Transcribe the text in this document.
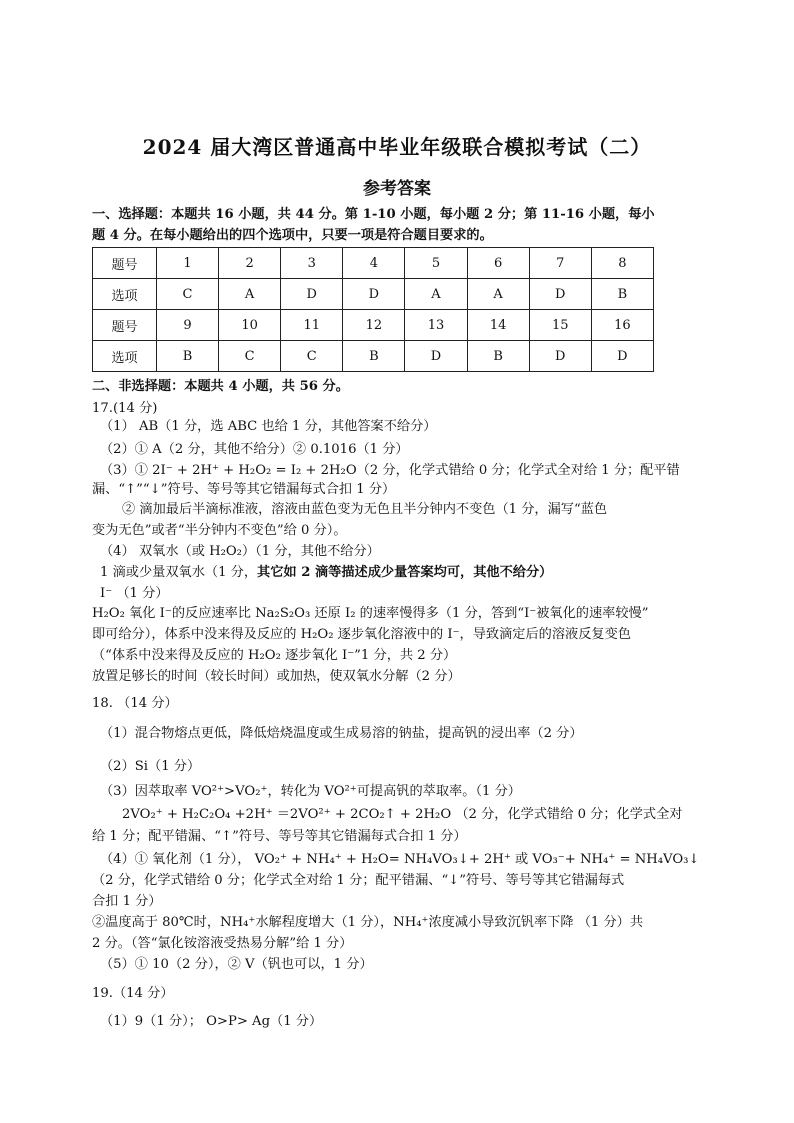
2024 届大湾区普通高中毕业年级联合模拟考试（二）
参考答案
一、选择题：本题共 16 小题，共 44 分。第 1-10 小题，每小题 2 分；第 11-16 小题，每小
题 4 分。在每小题给出的四个选项中，只要一项是符合题目要求的。
题号	1	2	3	4	5	6	7	8
选项	C	A	D	D	A	A	D	B
题号	9	10	11	12	13	14	15	16
选项	B	C	C	B	D	B	D	D
二、非选择题：本题共 4 小题，共 56 分。
17.(14 分)
（1） AB（1 分，选 ABC 也给 1 分，其他答案不给分）
（2）① A（2 分，其他不给分）② 0.1016（1 分）
（3）① 2I⁻ + 2H⁺ + H₂O₂ = I₂ + 2H₂O（2 分，化学式错给 0 分；化学式全对给 1 分；配平错
漏、“↑”“↓”符号、等号等其它错漏每式合扣 1 分）
② 滴加最后半滴标准液，溶液由蓝色变为无色且半分钟内不变色（1 分，漏写“蓝色
变为无色”或者“半分钟内不变色”给 0 分）。
（4） 双氧水（或 H₂O₂）（1 分，其他不给分）
1 滴或少量双氧水（1 分，其它如 2 滴等描述成少量答案均可，其他不给分）
I⁻ （1 分）
H₂O₂ 氧化 I⁻的反应速率比 Na₂S₂O₃ 还原 I₂ 的速率慢得多（1 分，答到“I⁻被氧化的速率较慢”
即可给分），体系中没来得及反应的 H₂O₂ 逐步氧化溶液中的 I⁻，导致滴定后的溶液反复变色
（“体系中没来得及反应的 H₂O₂ 逐步氧化 I⁻”1 分，共 2 分）
放置足够长的时间（较长时间）或加热，使双氧水分解（2 分）
18. （14 分）
（1）混合物熔点更低，降低焙烧温度或生成易溶的钠盐，提高钒的浸出率（2 分）
（2）Si（1 分）
（3）因萃取率 VO²⁺>VO₂⁺，转化为 VO²⁺可提高钒的萃取率。（1 分）
2VO₂⁺ + H₂C₂O₄ +2H⁺ ＝2VO²⁺ + 2CO₂↑ + 2H₂O （2 分，化学式错给 0 分；化学式全对
给 1 分；配平错漏、“↑”符号、等号等其它错漏每式合扣 1 分）
（4）① 氧化剂（1 分）， VO₂⁺ + NH₄⁺ + H₂O= NH₄VO₃↓+ 2H⁺ 或 VO₃⁻+ NH₄⁺ = NH₄VO₃↓
（2 分，化学式错给 0 分；化学式全对给 1 分；配平错漏、“↓”符号、等号等其它错漏每式
合扣 1 分）
②温度高于 80℃时，NH₄⁺水解程度增大（1 分），NH₄⁺浓度减小导致沉钒率下降 （1 分）共
2 分。（答“氯化铵溶液受热易分解”给 1 分）
（5）① 10（2 分），② V（钒也可以，1 分）
19.（14 分）
（1）9（1 分）； O>P> Ag（1 分）
